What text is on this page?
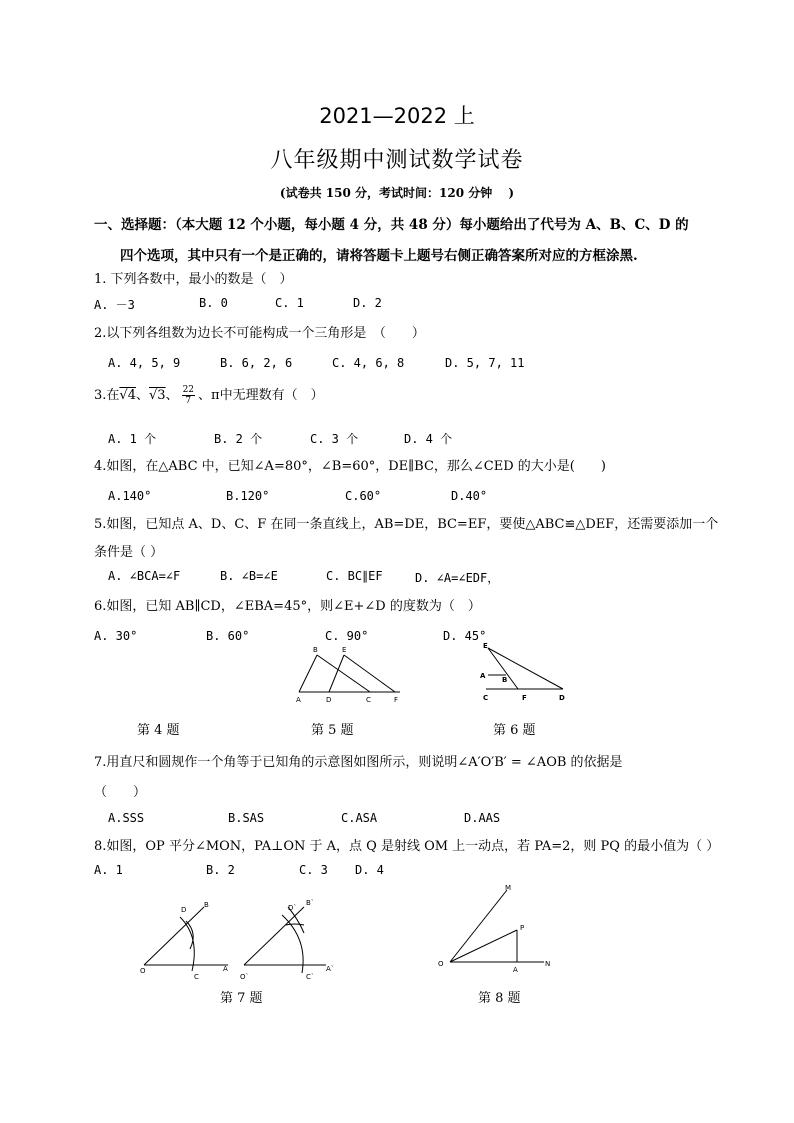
2021—2022 上
八年级期中测试数学试卷
(试卷共 150 分，考试时间：120 分钟　 )
一、选择题：（本大题 12 个小题，每小题 4 分，共 48 分）每小题给出了代号为 A、B、C、D 的
四个选项，其中只有一个是正确的，请将答题卡上题号右侧正确答案所对应的方框涂黑.
1. 下列各数中，最小的数是（　）
A. －3	B. 0	C. 1	D. 2
2.以下列各组数为边长不可能构成一个三角形是　（　　）
A. 4, 5, 9	B. 6, 2, 6	C. 4, 6, 8	D. 5, 7, 11
3.在√4、√3、 $\frac{22}{7}$ 、π中无理数有（　）
A. 1 个	B. 2 个	C. 3 个	D. 4 个
4.如图，在△ABC 中，已知∠A=80°，∠B=60°，DE∥BC，那么∠CED 的大小是(　　)
A.140°	B.120°	C.60°	D.40°
5.如图，已知点 A、D、C、F 在同一条直线上，AB=DE，BC=EF，要使△ABC≌△DEF，还需要添加一个
条件是（ ）
A. ∠BCA=∠F	B. ∠B=∠E	C. BC∥EF	D. ∠A=∠EDF，
6.如图，已知 AB∥CD，∠EBA=45°，则∠E+∠D 的度数为（　）
A. 30°	B. 60°	C. 90°	D. 45°
B	E
A	D	C	F
E
A B
C	F	D
第 4 题	第 5 题	第 6 题
7.用直尺和圆规作一个角等于已知角的示意图如图所示，则说明∠A′O′B′ = ∠AOB 的依据是
（　　）
A.SSS	B.SAS	C.ASA	D.AAS
8.如图，OP 平分∠MON，PA⊥ON 于 A，点 Q 是射线 OM 上一动点，若 PA=2，则 PQ 的最小值为（ ）
A. 1	B. 2	C. 3 D. 4
D
B
O
C
A
D`
B`
O`	C`
A`
M
P
O
A
N
第 7 题	第 8 题
